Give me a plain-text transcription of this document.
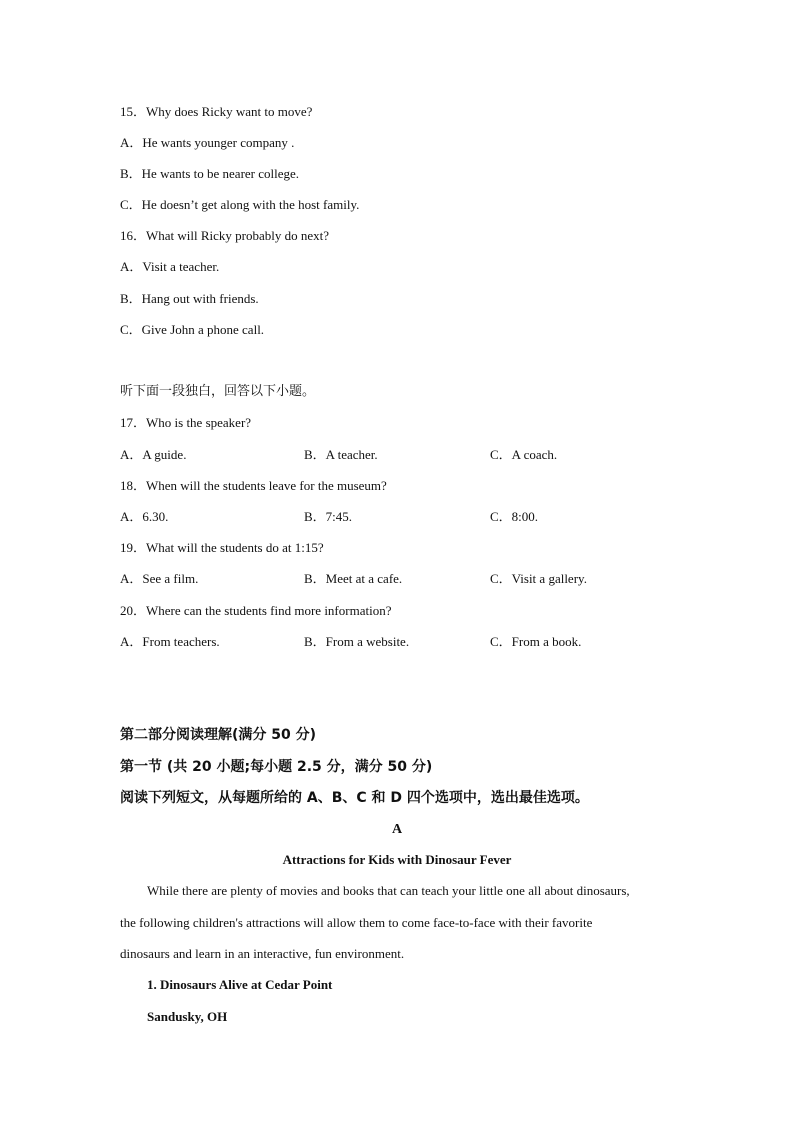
15．Why does Ricky want to move?
A．He wants younger company .
B．He wants to be nearer college.
C．He doesn’t get along with the host family.
16．What will Ricky probably do next?
A．Visit a teacher.
B．Hang out with friends.
C．Give John a phone call.
听下面一段独白，回答以下小题。
17．Who is the speaker?
A．A guide.	B．A teacher.	C．A coach.
18．When will the students leave for the museum?
A．6.30.	B．7:45.	C．8:00.
19．What will the students do at 1:15?
A．See a film.	B．Meet at a cafe.	C．Visit a gallery.
20．Where can the students find more information?
A．From teachers.	B．From a website.	C．From a book.
第二部分阅读理解(满分 50 分)
第一节 (共 20 小题;每小题 2.5 分，满分 50 分)
阅读下列短文，从每题所给的 A、B、C 和 D 四个选项中，选出最佳选项。
A
Attractions for Kids with Dinosaur Fever
While there are plenty of movies and books that can teach your little one all about dinosaurs,
the following children's attractions will allow them to come face-to-face with their favorite
dinosaurs and learn in an interactive, fun environment.
1. Dinosaurs Alive at Cedar Point
Sandusky, OH
